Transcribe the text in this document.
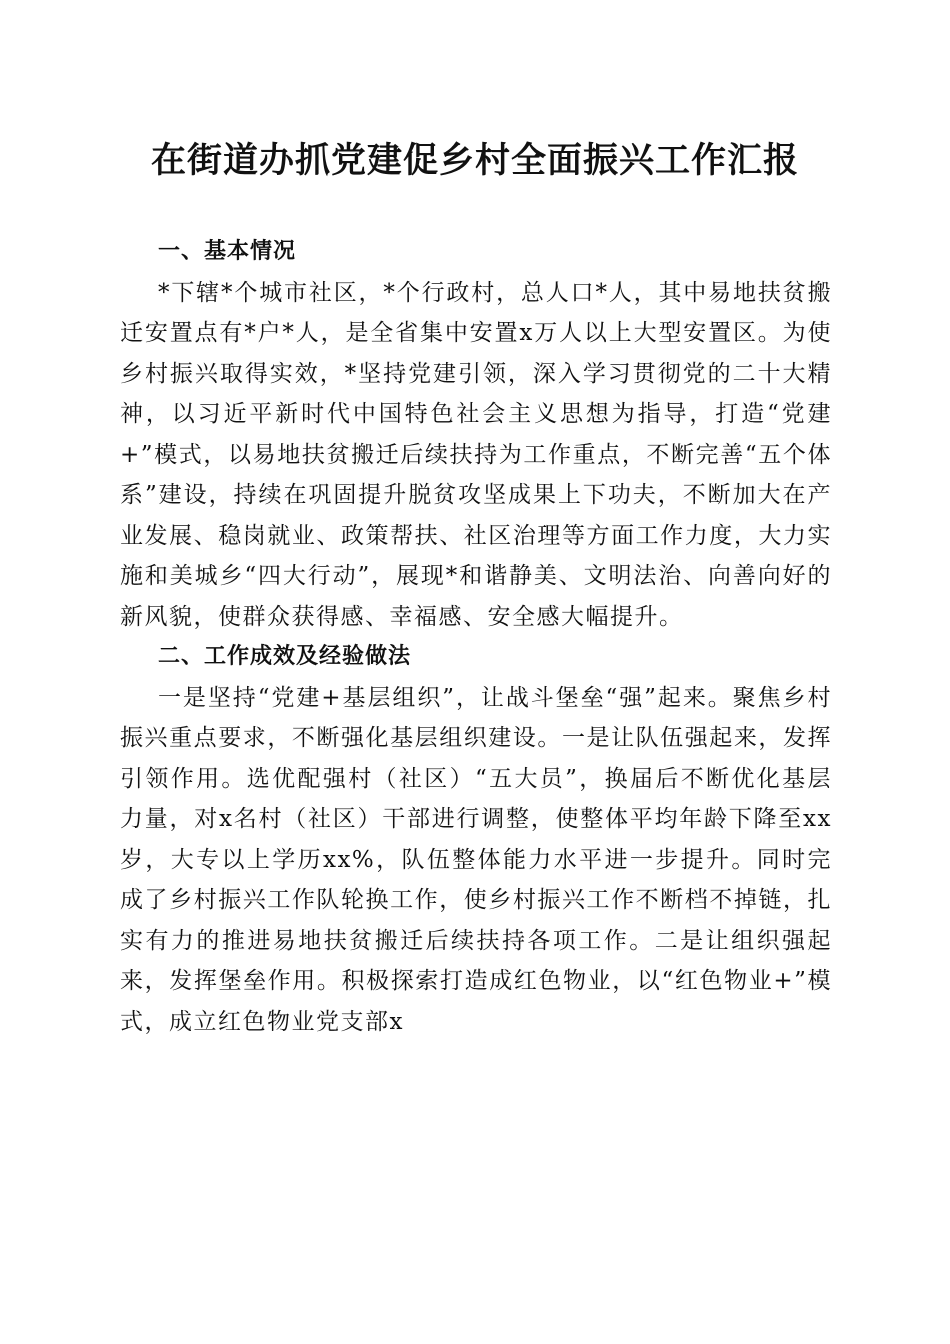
在街道办抓党建促乡村全面振兴工作汇报

一、基本情况

*下辖*个城市社区，*个行政村，总人口*人，其中易地扶贫搬迁安置点有*户*人，是全省集中安置x万人以上大型安置区。为使乡村振兴取得实效，*坚持党建引领，深入学习贯彻党的二十大精神，以习近平新时代中国特色社会主义思想为指导，打造“党建+”模式，以易地扶贫搬迁后续扶持为工作重点，不断完善“五个体系”建设，持续在巩固提升脱贫攻坚成果上下功夫，不断加大在产业发展、稳岗就业、政策帮扶、社区治理等方面工作力度，大力实施和美城乡“四大行动”，展现*和谐静美、文明法治、向善向好的新风貌，使群众获得感、幸福感、安全感大幅提升。

二、工作成效及经验做法

一是坚持“党建+基层组织”，让战斗堡垒“强”起来。聚焦乡村振兴重点要求，不断强化基层组织建设。一是让队伍强起来，发挥引领作用。选优配强村（社区）“五大员”，换届后不断优化基层力量，对x名村（社区）干部进行调整，使整体平均年龄下降至xx岁，大专以上学历xx%，队伍整体能力水平进一步提升。同时完成了乡村振兴工作队轮换工作，使乡村振兴工作不断档不掉链，扎实有力的推进易地扶贫搬迁后续扶持各项工作。二是让组织强起来，发挥堡垒作用。积极探索打造成红色物业，以“红色物业+”模式，成立红色物业党支部x
